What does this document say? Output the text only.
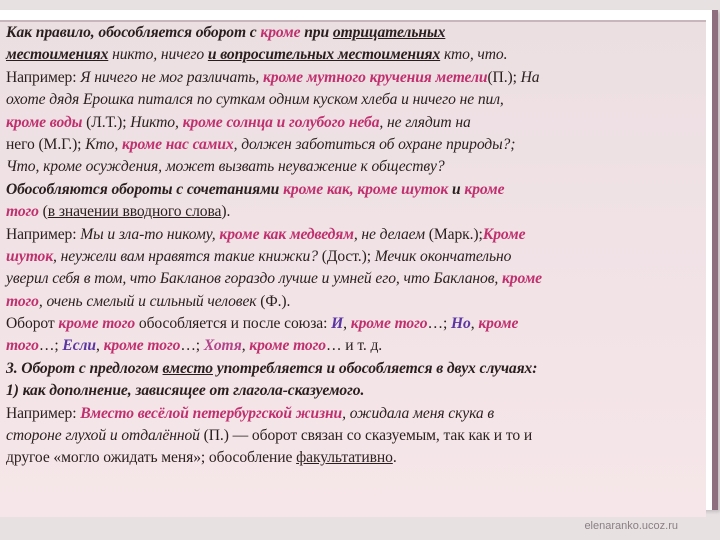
Как правило, обособляется оборот с кроме при отрицательных
местоимениях никто, ничего и вопросительных местоимениях кто, что.
Например: Я ничего не мог различать, кроме мутного кручения метели(П.); На
охоте дядя Ерошка питался по суткам одним куском хлеба и ничего не пил,
кроме воды (Л.Т.); Никто, кроме солнца и голубого неба, не глядит на
него (М.Г.); Кто, кроме нас самих, должен заботиться об охране природы?;
Что, кроме осуждения, может вызвать неуважение к обществу?
Обособляются обороты с сочетаниями кроме как, кроме шуток и кроме
того (в значении вводного слова).
Например: Мы и зла-то никому, кроме как медведям, не делаем (Марк.);Кроме
шуток, неужели вам нравятся такие книжки? (Дост.); Мечик окончательно
уверил себя в том, что Бакланов гораздо лучше и умней его, что Бакланов, кроме
того, очень смелый и сильный человек (Ф.).
Оборот кроме того обособляется и после союза: И, кроме того…; Но, кроме
того…; Если, кроме того…; Хотя, кроме того… и т. д.
3. Оборот с предлогом вместо употребляется и обособляется в двух случаях:
1) как дополнение, зависящее от глагола-сказуемого.
Например: Вместо весёлой петербургской жизни, ожидала меня скука в
стороне глухой и отдалённой (П.) — оборот связан со сказуемым, так как и то и
другое «могло ожидать меня»; обособление факультативно.
elenaranko.ucoz.ru
